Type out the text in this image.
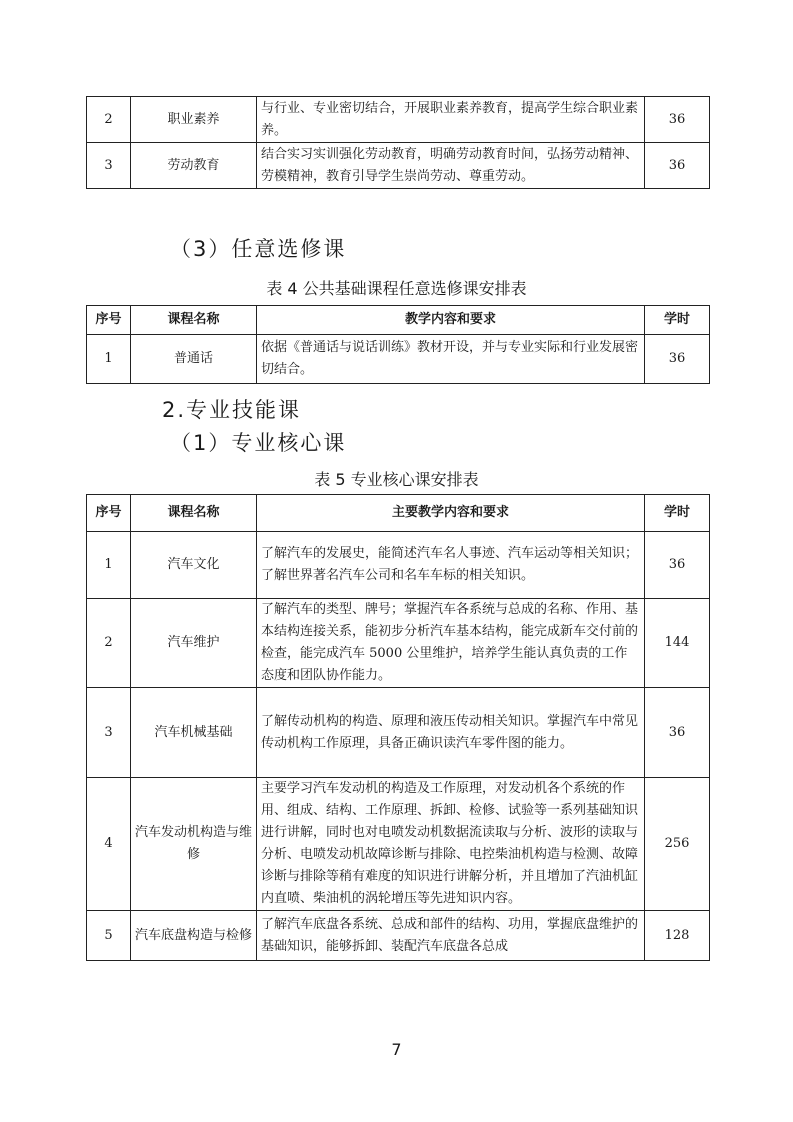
2	职业素养	与行业、专业密切结合，开展职业素养教育，提高学生综合职业素养。	36
3	劳动教育	结合实习实训强化劳动教育，明确劳动教育时间，弘扬劳动精神、劳模精神，教育引导学生崇尚劳动、尊重劳动。	36
（3）任意选修课
表 4 公共基础课程任意选修课安排表
序号	课程名称	教学内容和要求	学时
1	普通话	依据《普通话与说话训练》教材开设，并与专业实际和行业发展密切结合。	36
2.专业技能课
（1）专业核心课
表 5 专业核心课安排表
序号	课程名称	主要教学内容和要求	学时
1	汽车文化	了解汽车的发展史，能简述汽车名人事迹、汽车运动等相关知识；了解世界著名汽车公司和名车车标的相关知识。	36
2	汽车维护	了解汽车的类型、牌号；掌握汽车各系统与总成的名称、作用、基本结构连接关系，能初步分析汽车基本结构，能完成新车交付前的检查，能完成汽车 5000 公里维护，培养学生能认真负责的工作态度和团队协作能力。	144
3	汽车机械基础	了解传动机构的构造、原理和液压传动相关知识。掌握汽车中常见传动机构工作原理，具备正确识读汽车零件图的能力。	36
4	汽车发动机构造与维修	主要学习汽车发动机的构造及工作原理，对发动机各个系统的作用、组成、结构、工作原理、拆卸、检修、试验等一系列基础知识进行讲解，同时也对电喷发动机数据流读取与分析、波形的读取与分析、电喷发动机故障诊断与排除、电控柴油机构造与检测、故障诊断与排除等稍有难度的知识进行讲解分析，并且增加了汽油机缸内直喷、柴油机的涡轮增压等先进知识内容。	256
5	汽车底盘构造与检修	了解汽车底盘各系统、总成和部件的结构、功用，掌握底盘维护的基础知识，能够拆卸、装配汽车底盘各总成	128
7
